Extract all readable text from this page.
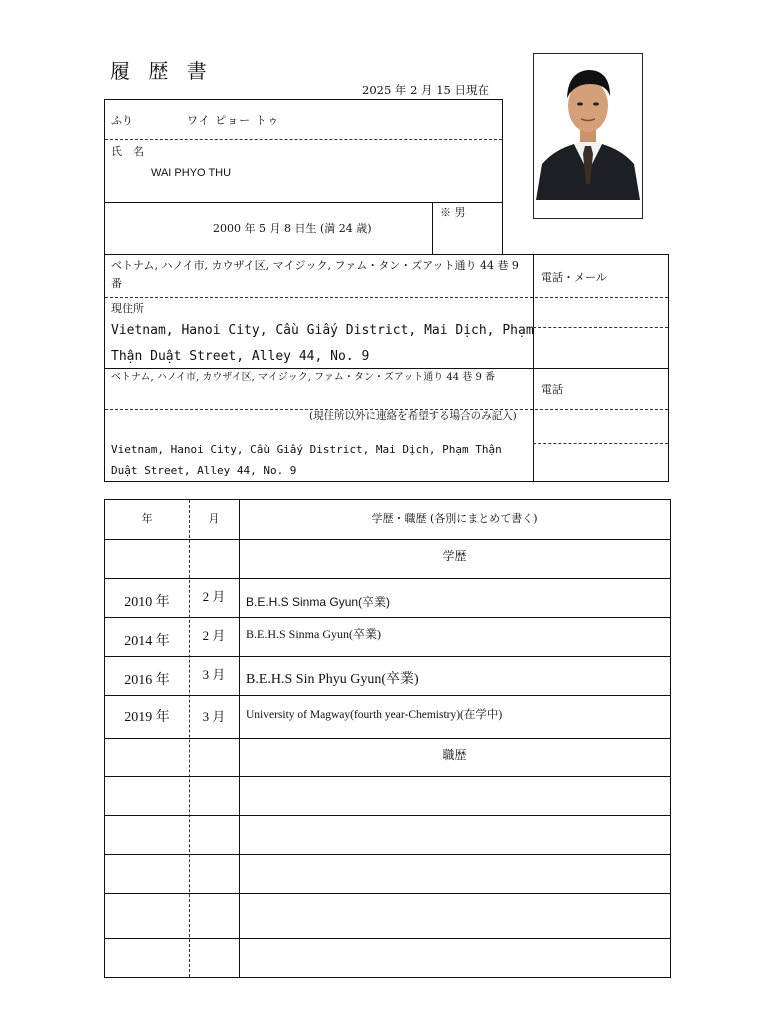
履 歴 書
2025 年 2 月 15 日現在
ふり	ワイ ピョー トゥ
氏　名
WAI PHYO THU
2000 年 5 月 8 日生 (満 24 歳)
※ 男
ベトナム, ハノイ市, カウザイ区, マイジック, ファム・タン・ズアット通り 44 巷 9 番
現住所
Vietnam, Hanoi City, Cầu Giấy District, Mai Dịch, Phạm
Thận Duật Street, Alley 44, No. 9
電話・メール
ベトナム, ハノイ市, カウザイ区, マイジック, ファム・タン・ズアット通り 44 巷 9 番
(現住所以外に連絡を希望する場合のみ記入)
Vietnam, Hanoi City, Cầu Giấy District, Mai Dịch, Phạm Thận
Duật Street, Alley 44, No. 9
電話
年	月	学歴・職歴 (各別にまとめて書く)
学歴
2010 年	2 月	B.E.H.S Sinma Gyun(卒業)
2014 年	2 月	B.E.H.S Sinma Gyun(卒業)
2016 年	3 月	B.E.H.S Sin Phyu Gyun(卒業)
2019 年	3 月	University of Magway(fourth year-Chemistry)(在学中)
職歴
